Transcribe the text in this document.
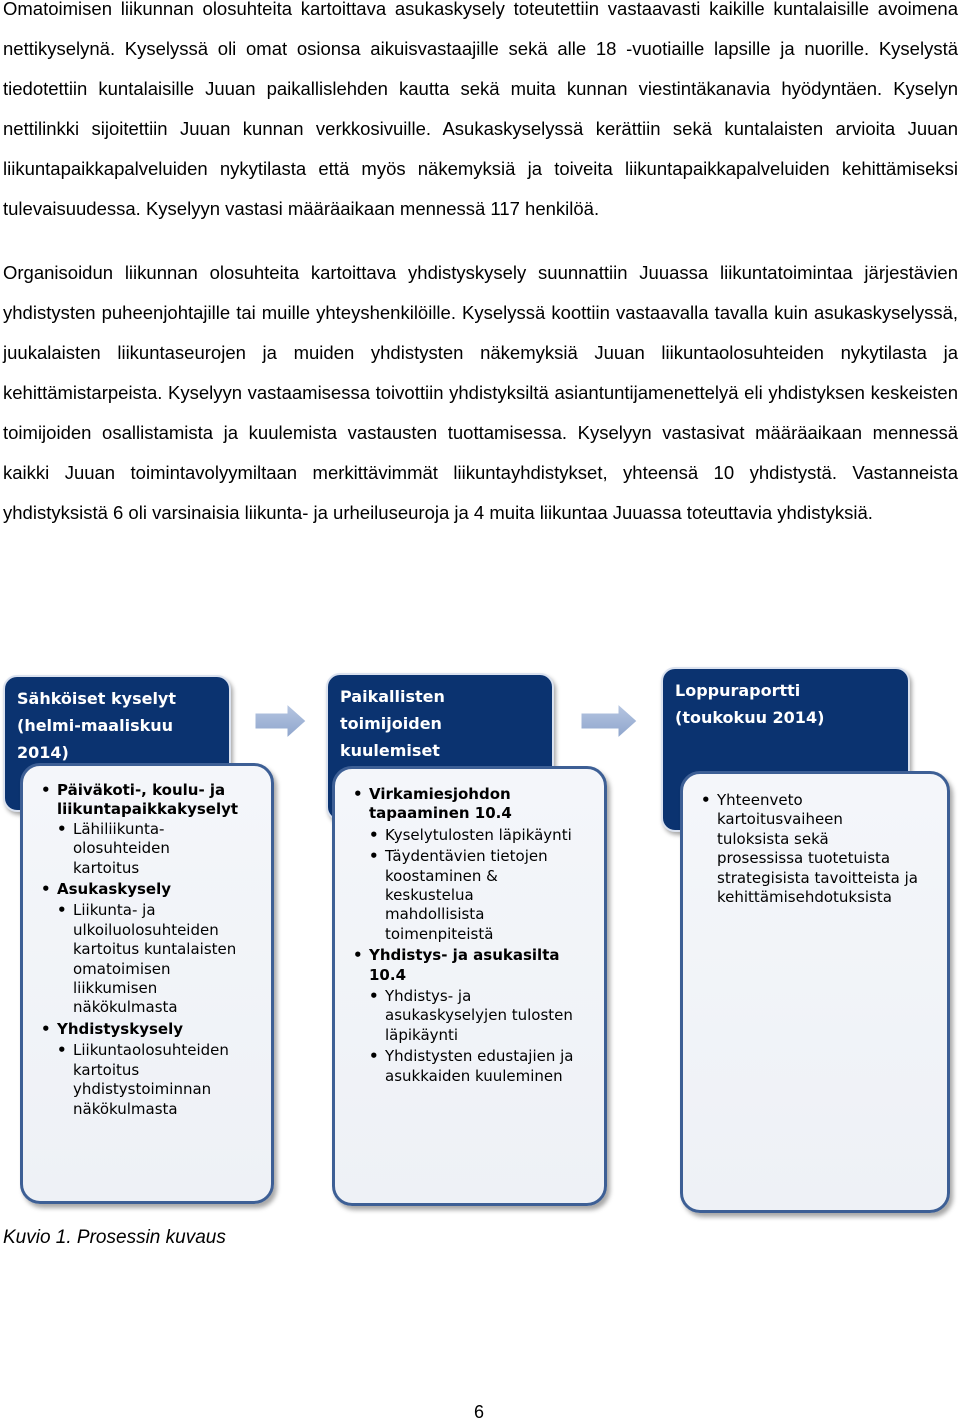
Omatoimisen liikunnan olosuhteita kartoittava asukaskysely toteutettiin vastaavasti kaikille kuntalaisille avoimena nettikyselynä. Kyselyssä oli omat osionsa aikuisvastaajille sekä alle 18 -vuotiaille lapsille ja nuorille. Kyselystä tiedotettiin kuntalaisille Juuan paikallislehden kautta sekä muita kunnan viestintäkanavia hyödyntäen. Kyselyn nettilinkki sijoitettiin Juuan kunnan verkkosivuille. Asukaskyselyssä kerättiin sekä kuntalaisten arvioita Juuan liikuntapaikkapalveluiden nykytilasta että myös näkemyksiä ja toiveita liikuntapaikkapalveluiden kehittämiseksi tulevaisuudessa. Kyselyyn vastasi määräaikaan mennessä 117 henkilöä.

Organisoidun liikunnan olosuhteita kartoittava yhdistyskysely suunnattiin Juuassa liikuntatoimintaa järjestävien yhdistysten puheenjohtajille tai muille yhteyshenkilöille. Kyselyssä koottiin vastaavalla tavalla kuin asukaskyselyssä, juukalaisten liikuntaseurojen ja muiden yhdistysten näkemyksiä Juuan liikuntaolosuhteiden nykytilasta ja kehittämistarpeista. Kyselyyn vastaamisessa toivottiin yhdistyksiltä asiantuntijamenettelyä eli yhdistyksen keskeisten toimijoiden osallistamista ja kuulemista vastausten tuottamisessa. Kyselyyn vastasivat määräaikaan mennessä kaikki Juuan toimintavolyymiltaan merkittävimmät liikuntayhdistykset, yhteensä 10 yhdistystä. Vastanneista yhdistyksistä 6 oli varsinaisia liikunta- ja urheiluseuroja ja 4 muita liikuntaa Juuassa toteuttavia yhdistyksiä.

Sähköiset kyselyt
(helmi-maaliskuu 2014)
• Päiväkoti-, koulu- ja
liikuntapaikkakyselyt
• Lähiliikunta-
olosuhteiden
kartoitus
• Asukaskysely
• Liikunta- ja
ulkoiluolosuhteiden
kartoitus kuntalaisten
omatoimisen
liikkumisen
näkökulmasta
• Yhdistyskysely
• Liikuntaolosuhteiden
kartoitus
yhdistystoiminnan
näkökulmasta
Paikallisten toimijoiden
kuulemiset

• Virkamiesjohdon
tapaaminen 10.4
• Kyselytulosten läpikäynti
• Täydentävien tietojen
koostaminen &
keskustelua
mahdollisista
toimenpiteistä
• Yhdistys- ja asukasilta
10.4
• Yhdistys- ja
asukaskyselyjen tulosten
läpikäynti
• Yhdistysten edustajien ja
asukkaiden kuuleminen
Loppuraportti
(toukokuu 2014)
• Yhteenveto
kartoitusvaiheen
tuloksista sekä
prosessissa tuotetuista
strategisista tavoitteista ja
kehittämisehdotuksista

Kuvio 1. Prosessin kuvaus

6
